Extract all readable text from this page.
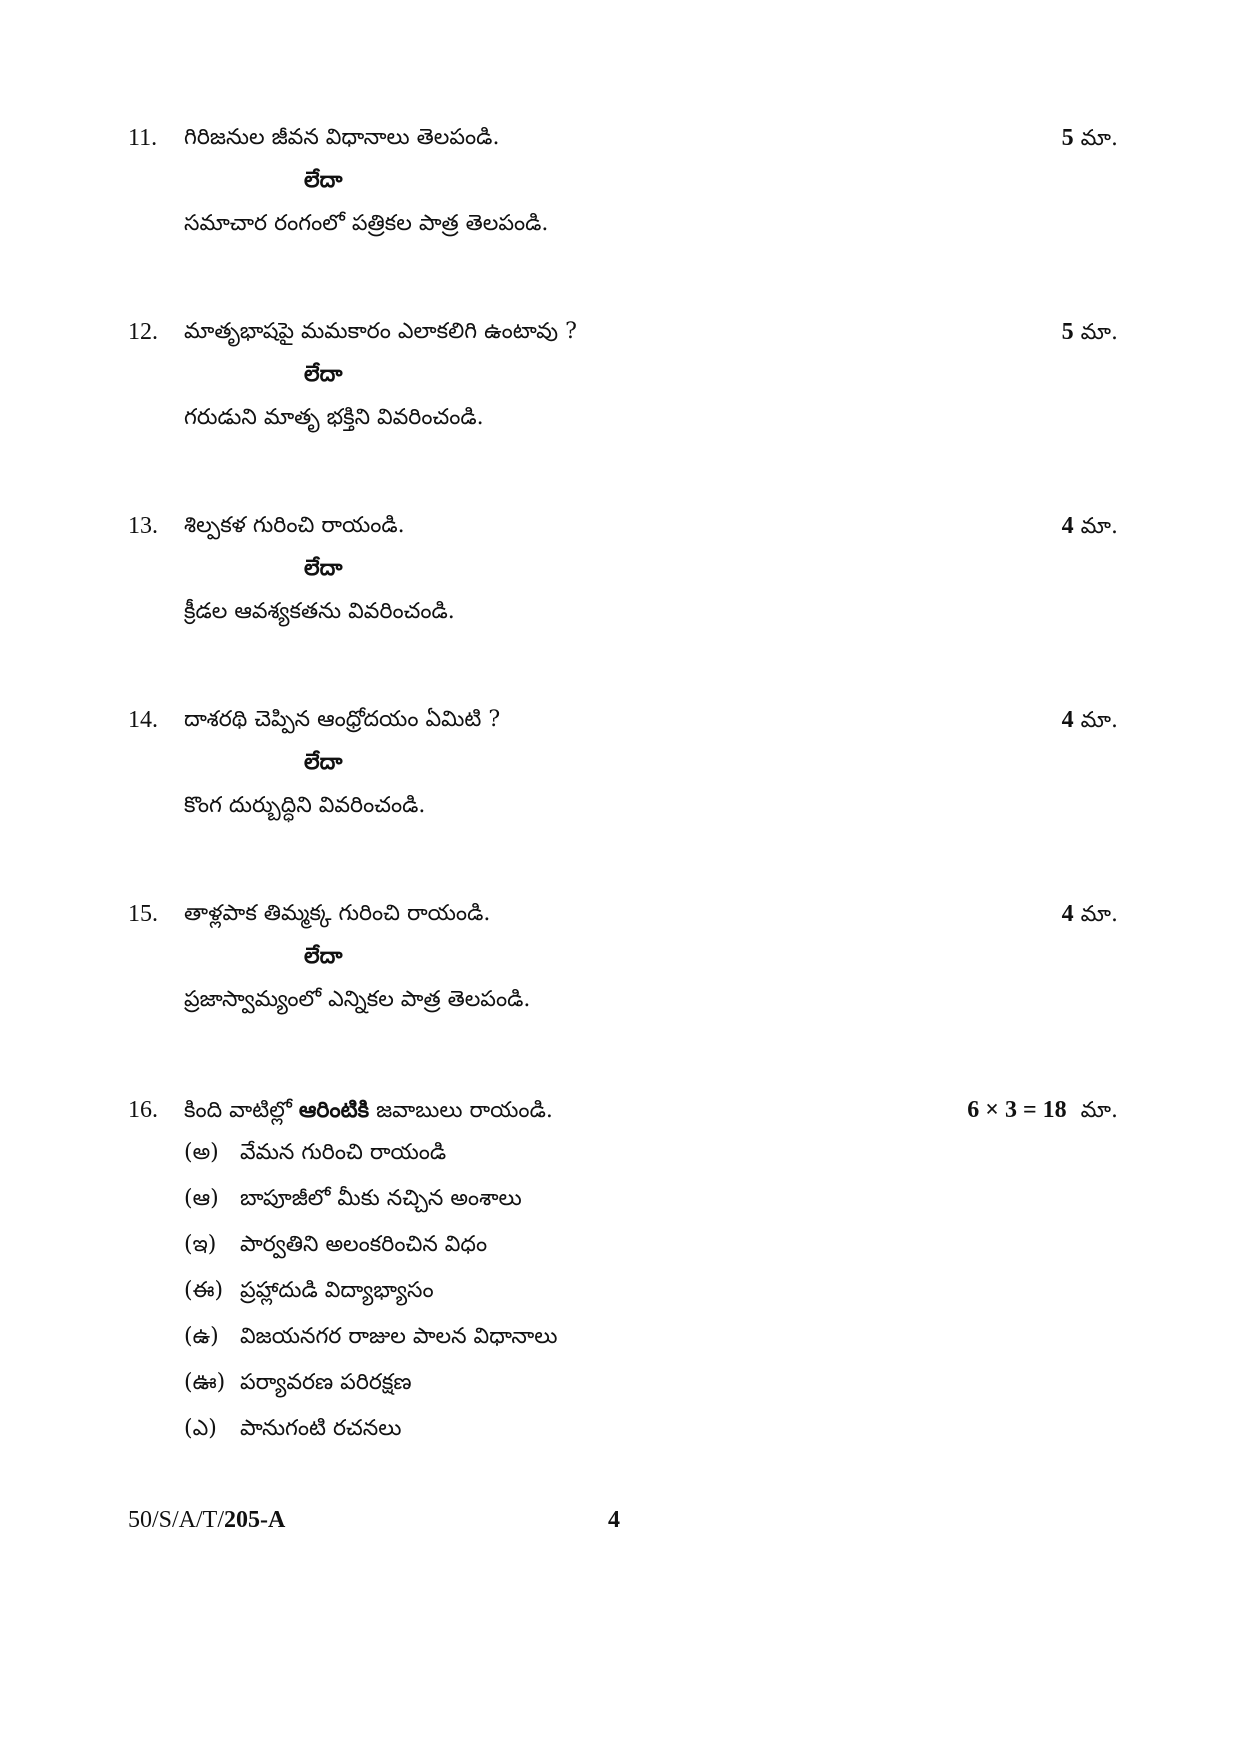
11. గిరిజనుల జీవన విధానాలు తెలపండి.	5 మా.
లేదా
సమాచార రంగంలో పత్రికల పాత్ర తెలపండి.
12. మాతృభాషపై మమకారం ఎలాకలిగి ఉంటావు ?	5 మా.
లేదా
గరుడుని మాతృ భక్తిని వివరించండి.
13. శిల్పకళ గురించి రాయండి.	4 మా.
లేదా
క్రీడల ఆవశ్యకతను వివరించండి.
14. దాశరథి చెప్పిన ఆంధ్రోదయం ఏమిటి ?	4 మా.
లేదా
కొంగ దుర్బుద్ధిని వివరించండి.
15. తాళ్లపాక తిమ్మక్క గురించి రాయండి.	4 మా.
లేదా
ప్రజాస్వామ్యంలో ఎన్నికల పాత్ర తెలపండి.
16. కింది వాటిల్లో ఆరింటికి జవాబులు రాయండి.	6 × 3 = 18 మా.
(అ) వేమన గురించి రాయండి
(ఆ) బాపూజీలో మీకు నచ్చిన అంశాలు
(ఇ) పార్వతిని అలంకరించిన విధం
(ఈ) ప్రహ్లాదుడి విద్యాభ్యాసం
(ఉ) విజయనగర రాజుల పాలన విధానాలు
(ఊ) పర్యావరణ పరిరక్షణ
(ఎ) పానుగంటి రచనలు
50/S/A/T/205-A	4
